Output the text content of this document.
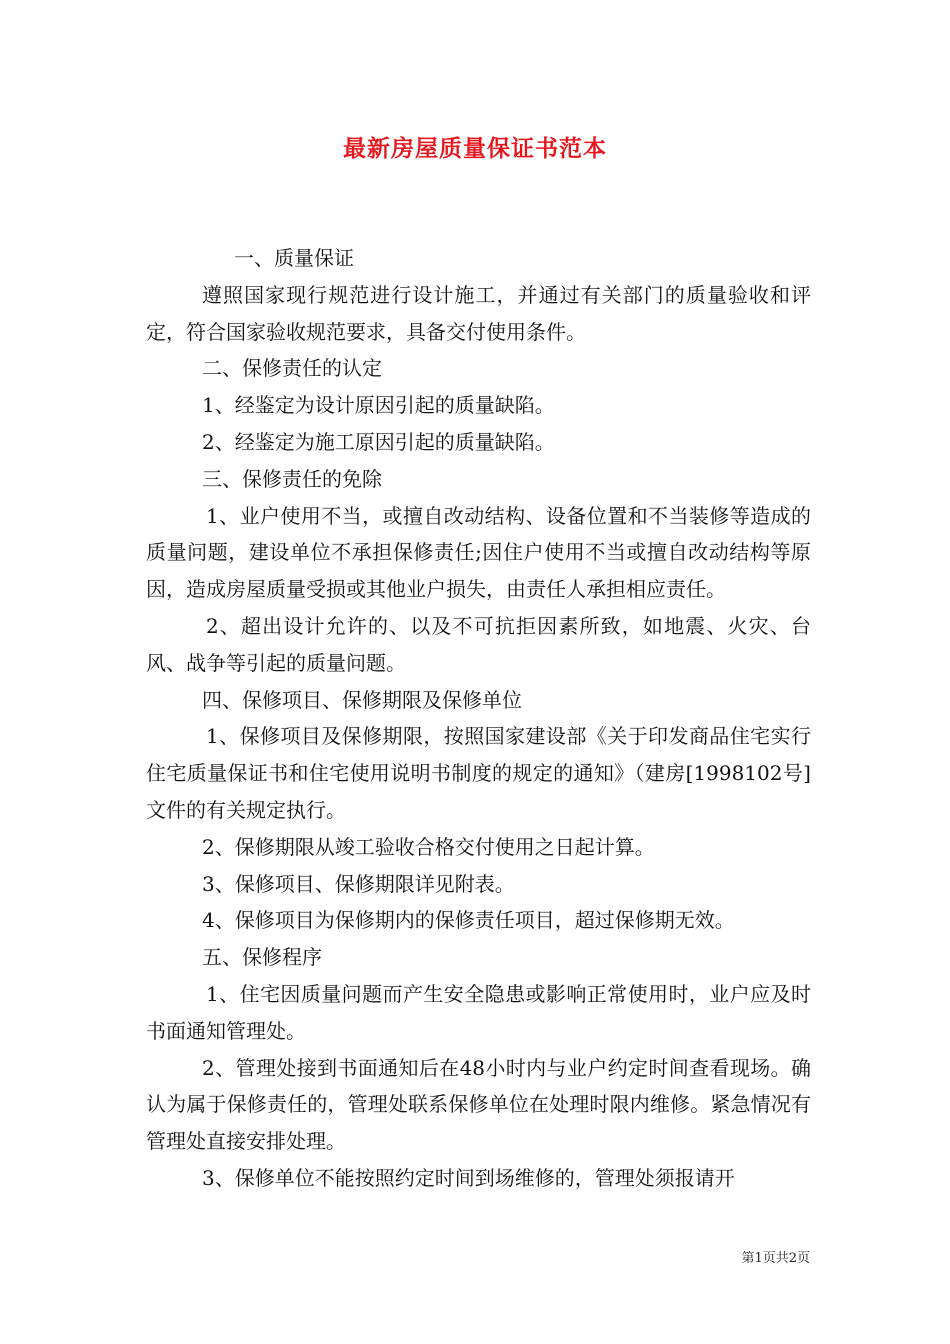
最新房屋质量保证书范本

一、质量保证

遵照国家现行规范进行设计施工，并通过有关部门的质量验收和评定，符合国家验收规范要求，具备交付使用条件。

二、保修责任的认定

1、经鉴定为设计原因引起的质量缺陷。

2、经鉴定为施工原因引起的质量缺陷。

三、保修责任的免除

1、业户使用不当，或擅自改动结构、设备位置和不当装修等造成的质量问题，建设单位不承担保修责任;因住户使用不当或擅自改动结构等原因，造成房屋质量受损或其他业户损失，由责任人承担相应责任。

2、超出设计允许的、以及不可抗拒因素所致，如地震、火灾、台风、战争等引起的质量问题。

四、保修项目、保修期限及保修单位

1、保修项目及保修期限，按照国家建设部《关于印发商品住宅实行住宅质量保证书和住宅使用说明书制度的规定的通知》（建房[1998102号]文件的有关规定执行。

2、保修期限从竣工验收合格交付使用之日起计算。

3、保修项目、保修期限详见附表。

4、保修项目为保修期内的保修责任项目，超过保修期无效。

五、保修程序

1、住宅因质量问题而产生安全隐患或影响正常使用时，业户应及时书面通知管理处。

2、管理处接到书面通知后在48小时内与业户约定时间查看现场。确认为属于保修责任的，管理处联系保修单位在处理时限内维修。紧急情况有管理处直接安排处理。

3、保修单位不能按照约定时间到场维修的，管理处须报请开

第1页共2页
